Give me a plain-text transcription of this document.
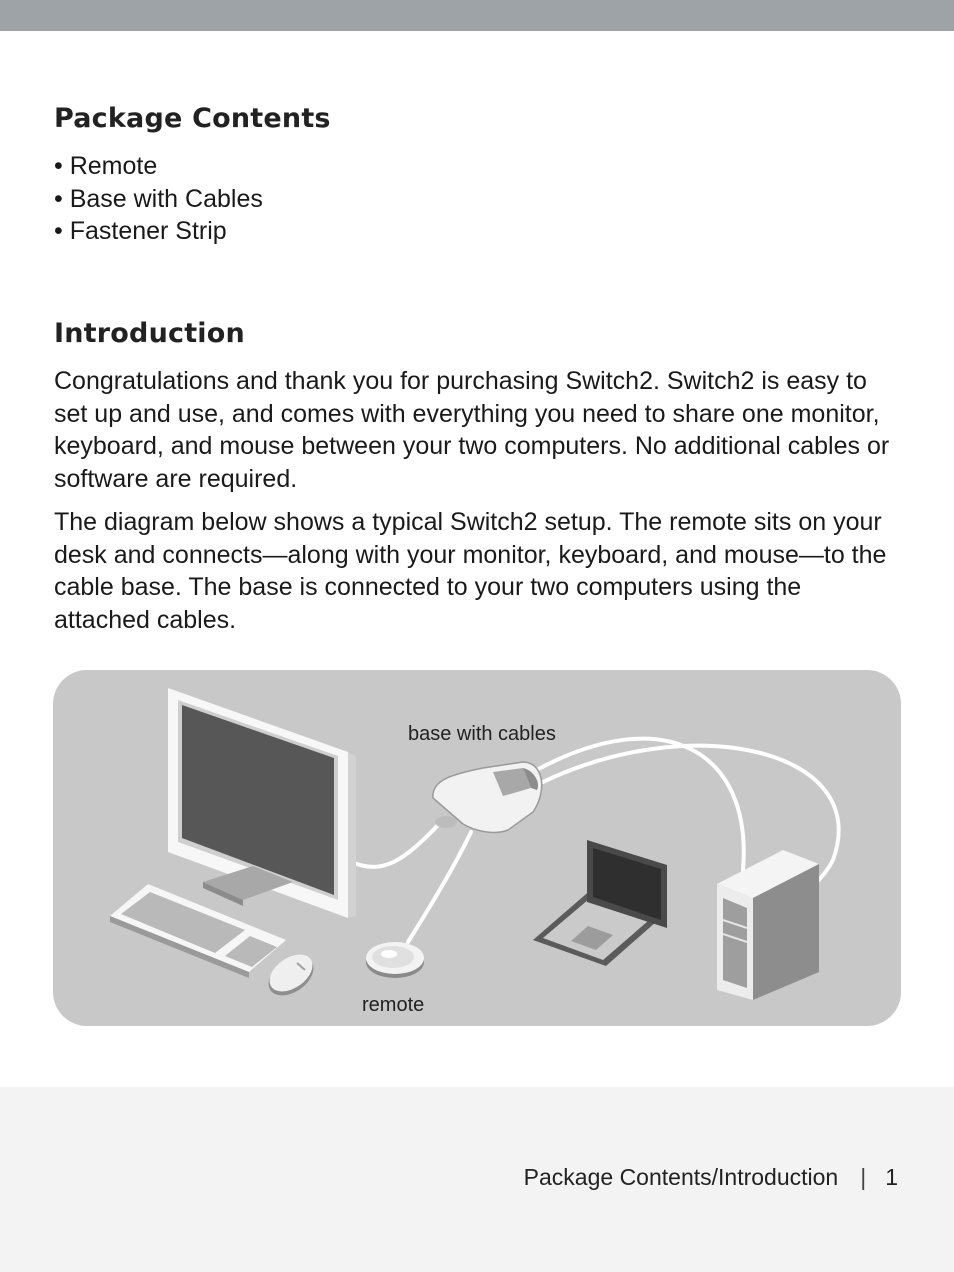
Package Contents
• Remote
• Base with Cables
• Fastener Strip
Introduction

Congratulations and thank you for purchasing Switch2. Switch2 is easy to set up and use, and comes with everything you need to share one monitor, keyboard, and mouse between your two computers. No additional cables or software are required.

The diagram below shows a typical Switch2 setup. The remote sits on your desk and connects—along with your monitor, keyboard, and mouse—to the cable base. The base is connected to your two computers using the attached cables.

base with cables
remote
Package Contents/Introduction | 1
